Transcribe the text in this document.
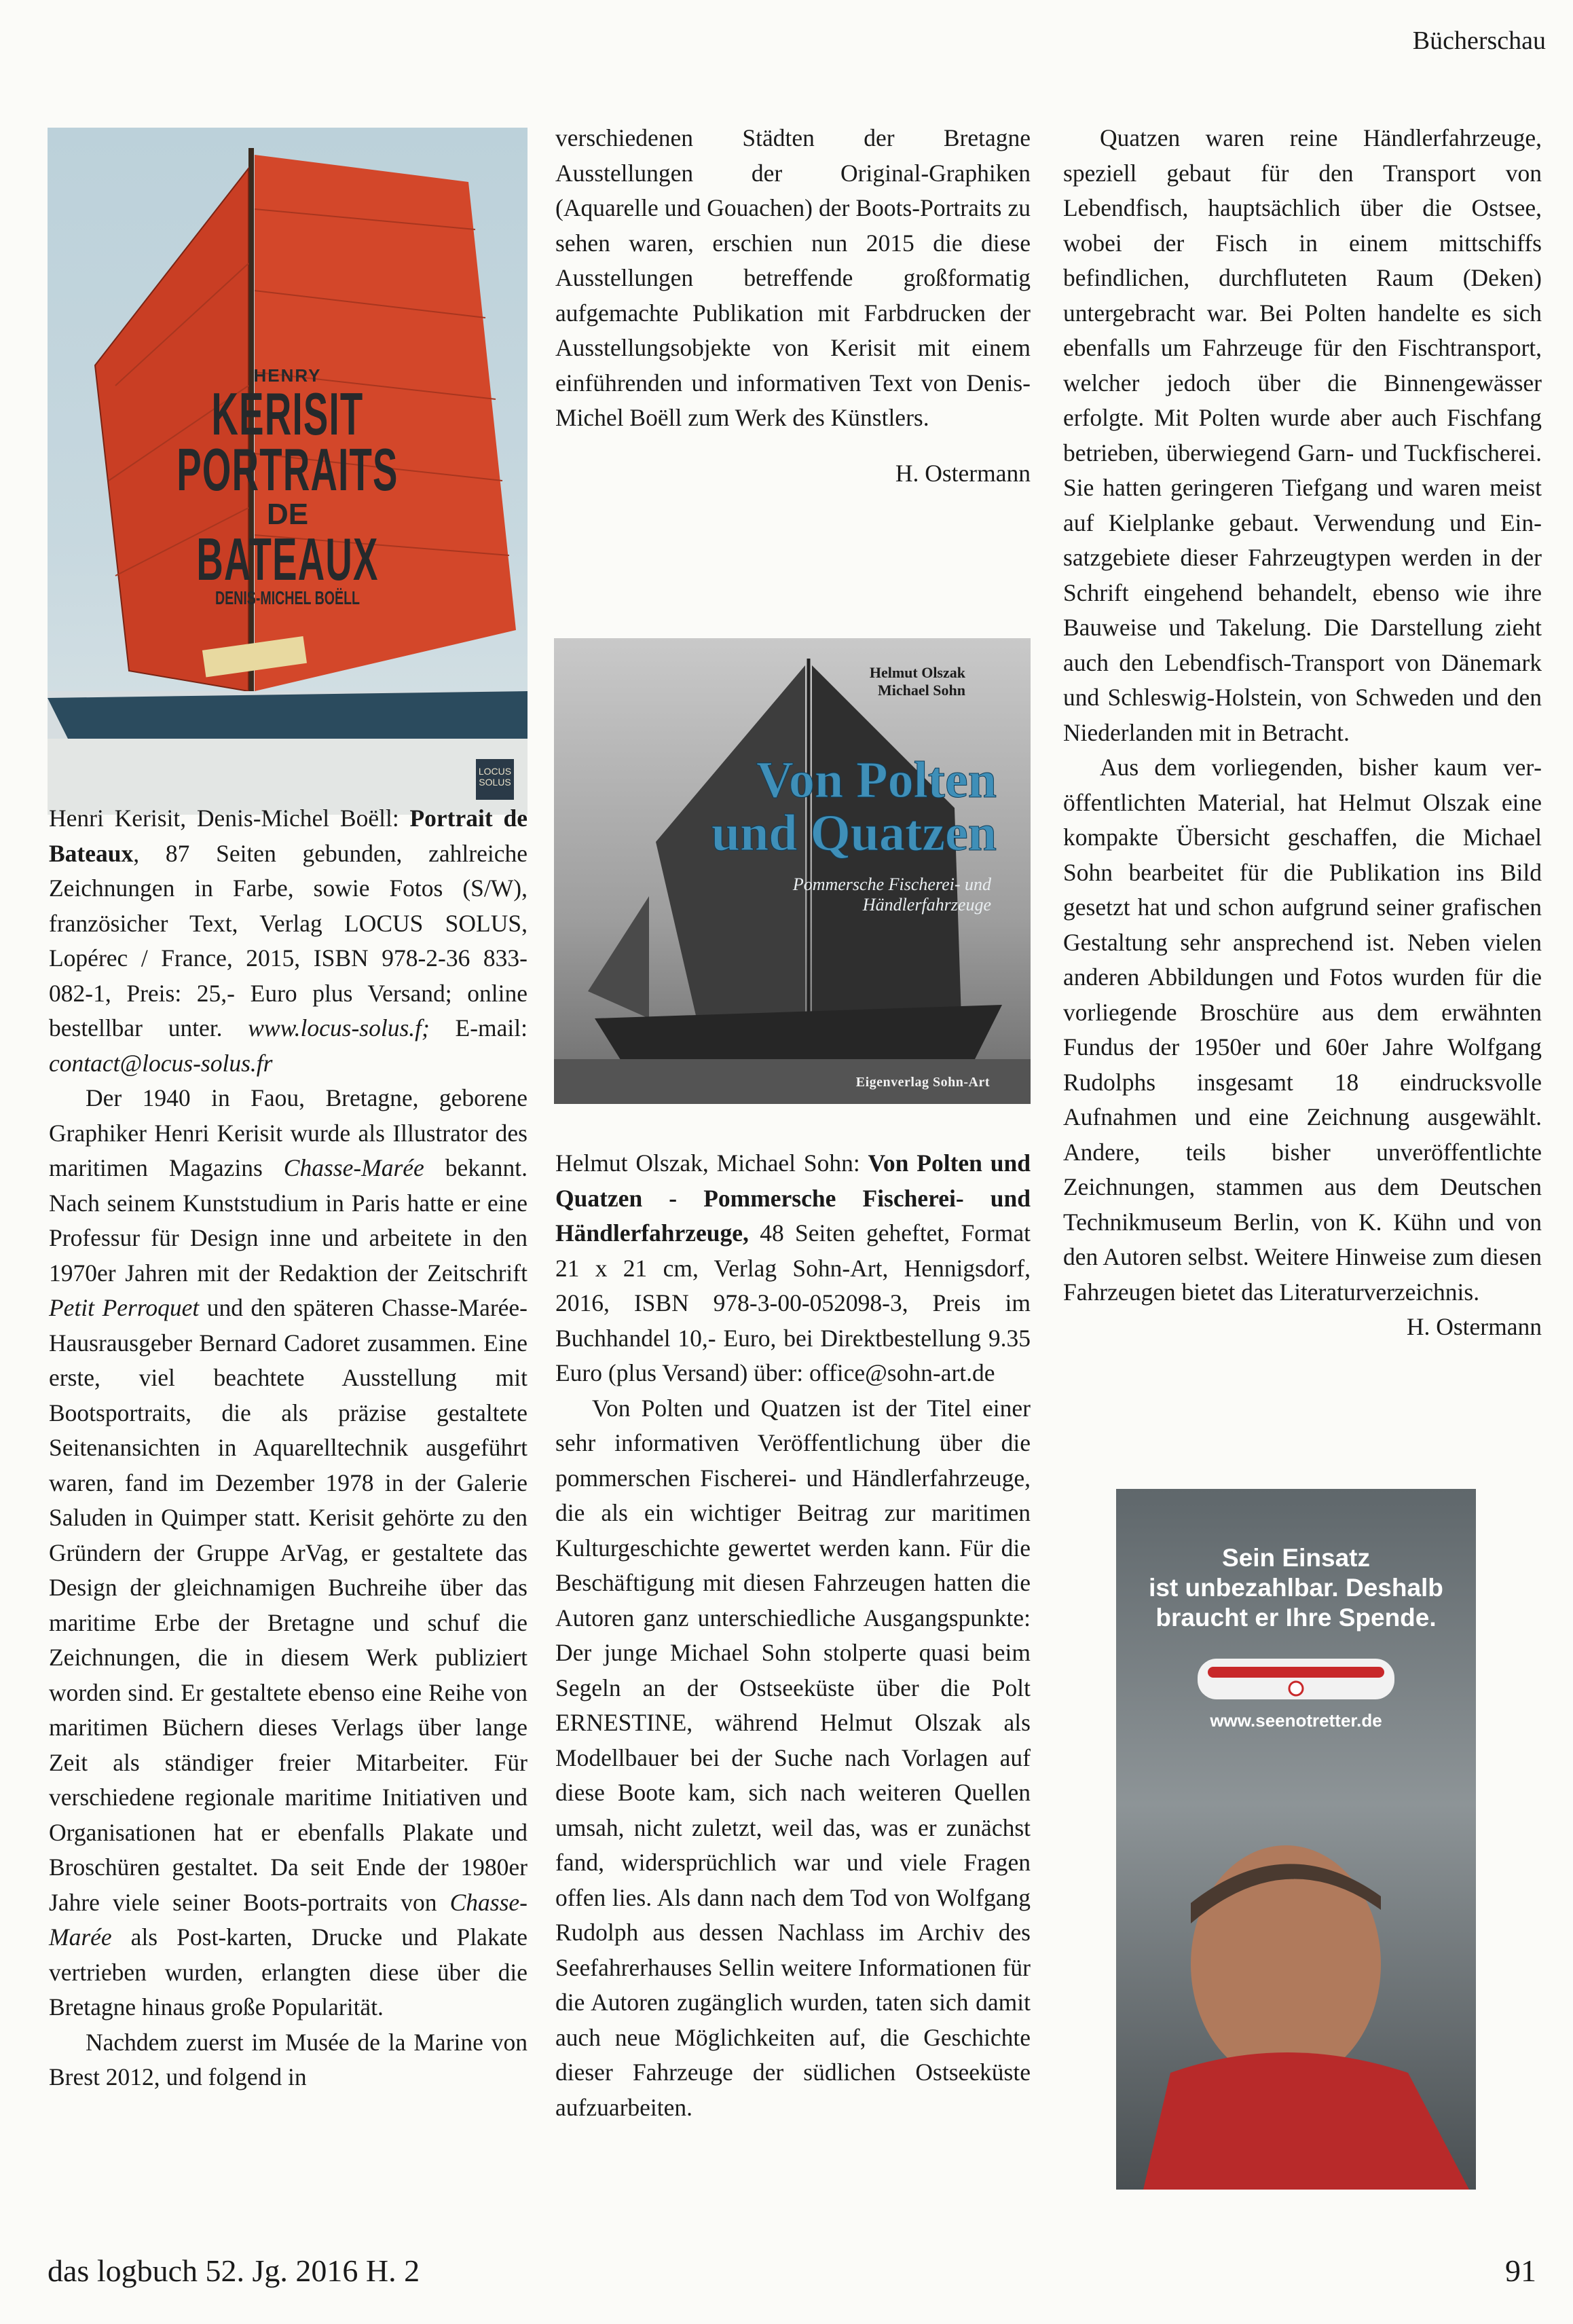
Bücherschau
HENRY
KERISIT
PORTRAITS
DE
BATEAUX
DENIS-MICHEL BOËLL
LOCUS
SOLUS

Henri Kerisit, Denis-Michel Boëll: Portrait de Bateaux, 87 Seiten gebunden, zahlreiche Zeichnungen in Farbe, sowie Fotos (S/W), französicher Text, Verlag LOCUS SOLUS, Lopérec / France, 2015, ISBN 978-2-36 833-082-1, Preis: 25,- Euro plus Versand; online bestellbar unter. www.locus-solus.f; E-mail: contact@locus-solus.fr

Der 1940 in Faou, Bretagne, geborene Graphiker Henri Kerisit wurde als Illustrator des maritimen Magazins Chasse-Marée bekannt. Nach seinem Kunststudium in Paris hatte er eine Professur für Design inne und arbeitete in den 1970er Jahren mit der Redaktion der Zeitschrift Petit Perroquet und den späteren Chasse-Marée-Hausrausgeber Bernard Cadoret zusammen. Eine erste, viel beachtete Ausstellung mit Bootsportraits, die als präzise gestaltete Seitenansichten in Aquarelltechnik ausgeführt waren, fand im Dezember 1978 in der Galerie Saluden in Quimper statt. Kerisit gehörte zu den Gründern der Gruppe ArVag, er gestaltete das Design der gleichnamigen Buchreihe über das maritime Erbe der Bretagne und schuf die Zeichnungen, die in diesem Werk publiziert worden sind. Er gestaltete ebenso eine Reihe von maritimen Büchern dieses Verlags über lange Zeit als ständiger freier Mitarbeiter. Für verschiedene regionale maritime Initiativen und Organisationen hat er ebenfalls Plakate und Broschüren gestaltet. Da seit Ende der 1980er Jahre viele seiner Boots-portraits von Chasse-Marée als Post-karten, Drucke und Plakate vertrieben wurden, erlangten diese über die Bretagne hinaus große Popularität.

Nachdem zuerst im Musée de la Marine von Brest 2012, und folgend in

verschiedenen Städten der Bretagne Ausstellungen der Original-Graphiken (Aquarelle und Gouachen) der Boots-Portraits zu sehen waren, erschien nun 2015 die diese Ausstellungen betreffende großformatig aufgemachte Publikation mit Farbdrucken der Ausstellungsobjekte von Kerisit mit einem einführenden und informativen Text von Denis-Michel Boëll zum Werk des Künstlers.

H. Ostermann

Helmut Olszak
Michael Sohn
Von Polten
und Quatzen
Pommersche Fischerei- und
Händlerfahrzeuge
Eigenverlag Sohn-Art

Helmut Olszak, Michael Sohn: Von Polten und Quatzen - Pommersche Fischerei- und Händlerfahrzeuge, 48 Seiten geheftet, Format 21 x 21 cm, Verlag Sohn-Art, Hennigsdorf, 2016, ISBN 978-3-00-052098-3, Preis im Buchhandel 10,- Euro, bei Direktbestellung 9.35 Euro (plus Versand) über: office@sohn-art.de

Von Polten und Quatzen ist der Titel einer sehr informativen Veröffentlichung über die pommerschen Fischerei- und Händlerfahrzeuge, die als ein wichtiger Beitrag zur maritimen Kulturgeschichte gewertet werden kann. Für die Beschäftigung mit diesen Fahrzeugen hatten die Autoren ganz unterschiedliche Ausgangspunkte: Der junge Michael Sohn stolperte quasi beim Segeln an der Ostseeküste über die Polt ERNESTINE, während Helmut Olszak als Modellbauer bei der Suche nach Vorlagen auf diese Boote kam, sich nach weiteren Quellen umsah, nicht zuletzt, weil das, was er zunächst fand, widersprüchlich war und viele Fragen offen lies. Als dann nach dem Tod von Wolfgang Rudolph aus dessen Nachlass im Archiv des Seefahrerhauses Sellin weitere Informationen für die Autoren zugänglich wurden, taten sich damit auch neue Möglichkeiten auf, die Geschichte dieser Fahrzeuge der südlichen Ostseeküste aufzuarbeiten.

Quatzen waren reine Händlerfahrzeuge, speziell gebaut für den Transport von Lebendfisch, hauptsächlich über die Ostsee, wobei der Fisch in einem mittschiffs befindlichen, durchfluteten Raum (Deken) untergebracht war. Bei Polten handelte es sich ebenfalls um Fahrzeuge für den Fischtransport, welcher jedoch über die Binnengewässer erfolgte. Mit Polten wurde aber auch Fischfang betrieben, überwiegend Garn- und Tuckfischerei. Sie hatten geringeren Tiefgang und waren meist auf Kielplanke gebaut. Verwendung und Einsatzgebiete dieser Fahrzeugtypen werden in der Schrift eingehend behandelt, ebenso wie ihre Bauweise und Takelung. Die Darstellung zieht auch den Lebendfisch-Transport von Dänemark und Schleswig-Holstein, von Schweden und den Niederlanden mit in Betracht.

Aus dem vorliegenden, bisher kaum veröffentlichten Material, hat Helmut Olszak eine kompakte Übersicht geschaffen, die Michael Sohn bearbeitet für die Publikation ins Bild gesetzt hat und schon aufgrund seiner grafischen Gestaltung sehr ansprechend ist. Neben vielen anderen Abbildungen und Fotos wurden für die vorliegende Broschüre aus dem erwähnten Fundus der 1950er und 60er Jahre Wolfgang Rudolphs insgesamt 18 eindrucksvolle Aufnahmen und eine Zeichnung ausgewählt. Andere, teils bisher unveröffentlichte Zeichnungen, stammen aus dem Deutschen Technikmuseum Berlin, von K. Kühn und von den Autoren selbst. Weitere Hinweise zum diesen Fahrzeugen bietet das Literaturverzeichnis.

H. Ostermann

Sein Einsatz
ist unbezahlbar. Deshalb
braucht er Ihre Spende.
www.seenotretter.de
das logbuch 52. Jg. 2016 H. 2	91
